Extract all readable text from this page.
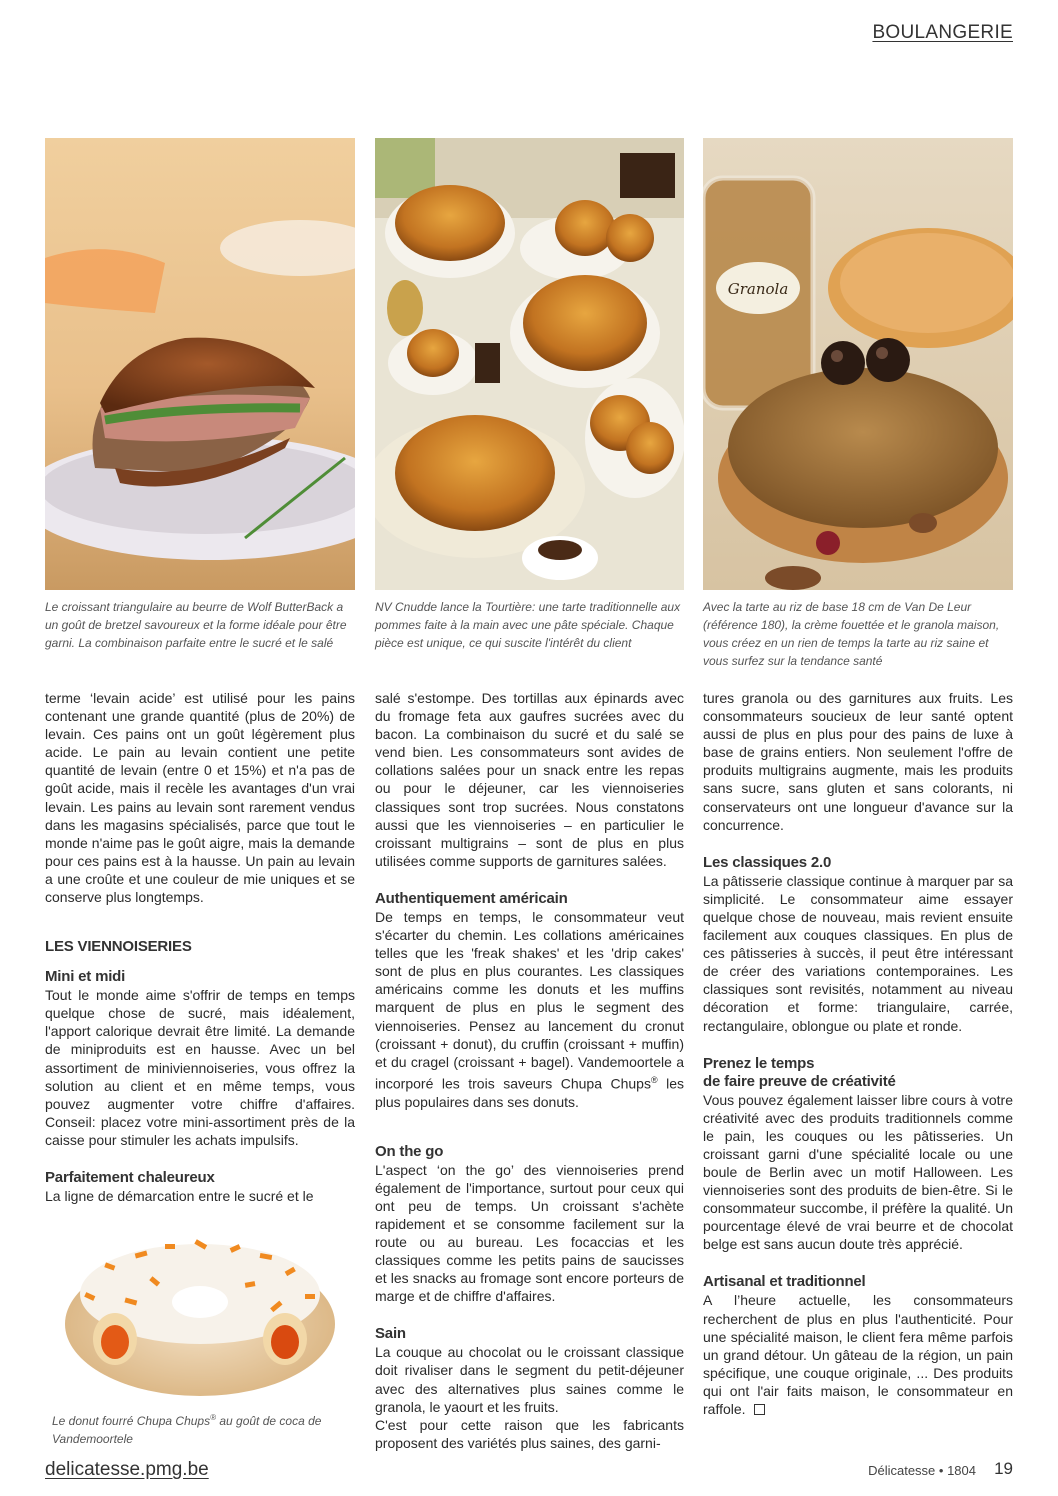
BOULANGERIE
Granola
Le croissant triangulaire au beurre de Wolf ButterBack a un goût de bretzel savoureux et la forme idéale pour être garni. La combinaison parfaite entre le sucré et le salé
NV Cnudde lance la Tourtière: une tarte traditionnelle aux pommes faite à la main avec une pâte spéciale. Chaque pièce est unique, ce qui suscite l'intérêt du client
Avec la tarte au riz de base 18 cm de Van De Leur (référence 180), la crème fouettée et le granola maison, vous créez en un rien de temps la tarte au riz saine et vous surfez sur la tendance santé

terme ‘levain acide’ est utilisé pour les pains contenant une grande quantité (plus de 20%) de levain. Ces pains ont un goût légèrement plus acide. Le pain au levain contient une petite quantité de levain (entre 0 et 15%) et n'a pas de goût acide, mais il recèle les avantages d'un vrai levain. Les pains au levain sont rarement vendus dans les magasins spécialisés, parce que tout le monde n'aime pas le goût aigre, mais la demande pour ces pains est à la hausse. Un pain au levain a une croûte et une couleur de mie uniques et se conserve plus longtemps.

LES VIENNOISERIES
Mini et midi

Tout le monde aime s'offrir de temps en temps quelque chose de sucré, mais idéalement, l'apport calorique devrait être limité. La demande de miniproduits est en hausse. Avec un bel assortiment de miniviennoiseries, vous offrez la solution au client et en même temps, vous pouvez augmenter votre chiffre d'affaires. Conseil: placez votre mini-assortiment près de la caisse pour stimuler les achats impulsifs.

Parfaitement chaleureux

La ligne de démarcation entre le sucré et le

Le donut fourré Chupa Chups® au goût de coca de Vandemoortele

salé s'estompe. Des tortillas aux épinards avec du fromage feta aux gaufres sucrées avec du bacon. La combinaison du sucré et du salé se vend bien. Les consommateurs sont avides de collations salées pour un snack entre les repas ou pour le déjeuner, car les viennoiseries classiques sont trop sucrées. Nous constatons aussi que les viennoiseries – en particulier le croissant multigrains – sont de plus en plus utilisées comme supports de garnitures salées.

Authentiquement américain

De temps en temps, le consommateur veut s'écarter du chemin. Les collations américaines telles que les 'freak shakes' et les 'drip cakes' sont de plus en plus courantes. Les classiques américains comme les donuts et les muffins marquent de plus en plus le segment des viennoiseries. Pensez au lancement du cronut (croissant + donut), du cruffin (croissant + muffin) et du cragel (croissant + bagel). Vandemoortele a incorporé les trois saveurs Chupa Chups® les plus populaires dans ses donuts.

On the go

L'aspect ‘on the go’ des viennoiseries prend également de l'importance, surtout pour ceux qui ont peu de temps. Un croissant s'achète rapidement et se consomme facilement sur la route ou au bureau. Les focaccias et les classiques comme les petits pains de saucisses et les snacks au fromage sont encore porteurs de marge et de chiffre d'affaires.

Sain

La couque au chocolat ou le croissant classique doit rivaliser dans le segment du petit-déjeuner avec des alternatives plus saines comme le granola, le yaourt et les fruits.

C'est pour cette raison que les fabricants proposent des variétés plus saines, des garni-

tures granola ou des garnitures aux fruits. Les consommateurs soucieux de leur santé optent aussi de plus en plus pour des pains de luxe à base de grains entiers. Non seulement l'offre de produits multigrains augmente, mais les produits sans sucre, sans gluten et sans colorants, ni conservateurs ont une longueur d'avance sur la concurrence.

Les classiques 2.0

La pâtisserie classique continue à marquer par sa simplicité. Le consommateur aime essayer quelque chose de nouveau, mais revient ensuite facilement aux couques classiques. En plus de ces pâtisseries à succès, il peut être intéressant de créer des variations contemporaines. Les classiques sont revisités, notamment au niveau décoration et forme: triangulaire, carrée, rectangulaire, oblongue ou plate et ronde.

Prenez le temps
de faire preuve de créativité

Vous pouvez également laisser libre cours à votre créativité avec des produits traditionnels comme le pain, les couques ou les pâtisseries. Un croissant garni d'une spécialité locale ou une boule de Berlin avec un motif Halloween. Les viennoiseries sont des produits de bien-être. Si le consommateur succombe, il préfère la qualité. Un pourcentage élevé de vrai beurre et de chocolat belge est sans aucun doute très apprécié.

Artisanal et traditionnel

A l’heure actuelle, les consommateurs recherchent de plus en plus l'authenticité. Pour une spécialité maison, le client fera même parfois un grand détour. Un gâteau de la région, un pain spécifique, une couque originale, ... Des produits qui ont l'air faits maison, le consommateur en raffole.

delicatesse.pmg.be	Délicatesse • 1804 19
